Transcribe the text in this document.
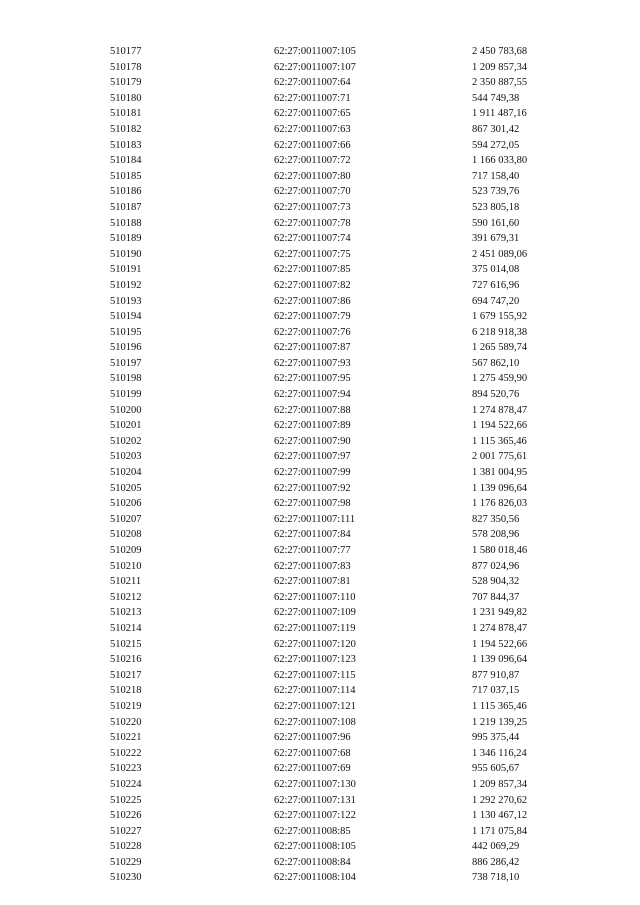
510177	62:27:0011007:105	2 450 783,68
510178	62:27:0011007:107	1 209 857,34
510179	62:27:0011007:64	2 350 887,55
510180	62:27:0011007:71	544 749,38
510181	62:27:0011007:65	1 911 487,16
510182	62:27:0011007:63	867 301,42
510183	62:27:0011007:66	594 272,05
510184	62:27:0011007:72	1 166 033,80
510185	62:27:0011007:80	717 158,40
510186	62:27:0011007:70	523 739,76
510187	62:27:0011007:73	523 805,18
510188	62:27:0011007:78	590 161,60
510189	62:27:0011007:74	391 679,31
510190	62:27:0011007:75	2 451 089,06
510191	62:27:0011007:85	375 014,08
510192	62:27:0011007:82	727 616,96
510193	62:27:0011007:86	694 747,20
510194	62:27:0011007:79	1 679 155,92
510195	62:27:0011007:76	6 218 918,38
510196	62:27:0011007:87	1 265 589,74
510197	62:27:0011007:93	567 862,10
510198	62:27:0011007:95	1 275 459,90
510199	62:27:0011007:94	894 520,76
510200	62:27:0011007:88	1 274 878,47
510201	62:27:0011007:89	1 194 522,66
510202	62:27:0011007:90	1 115 365,46
510203	62:27:0011007:97	2 001 775,61
510204	62:27:0011007:99	1 381 004,95
510205	62:27:0011007:92	1 139 096,64
510206	62:27:0011007:98	1 176 826,03
510207	62:27:0011007:111	827 350,56
510208	62:27:0011007:84	578 208,96
510209	62:27:0011007:77	1 580 018,46
510210	62:27:0011007:83	877 024,96
510211	62:27:0011007:81	528 904,32
510212	62:27:0011007:110	707 844,37
510213	62:27:0011007:109	1 231 949,82
510214	62:27:0011007:119	1 274 878,47
510215	62:27:0011007:120	1 194 522,66
510216	62:27:0011007:123	1 139 096,64
510217	62:27:0011007:115	877 910,87
510218	62:27:0011007:114	717 037,15
510219	62:27:0011007:121	1 115 365,46
510220	62:27:0011007:108	1 219 139,25
510221	62:27:0011007:96	995 375,44
510222	62:27:0011007:68	1 346 116,24
510223	62:27:0011007:69	955 605,67
510224	62:27:0011007:130	1 209 857,34
510225	62:27:0011007:131	1 292 270,62
510226	62:27:0011007:122	1 130 467,12
510227	62:27:0011008:85	1 171 075,84
510228	62:27:0011008:105	442 069,29
510229	62:27:0011008:84	886 286,42
510230	62:27:0011008:104	738 718,10
